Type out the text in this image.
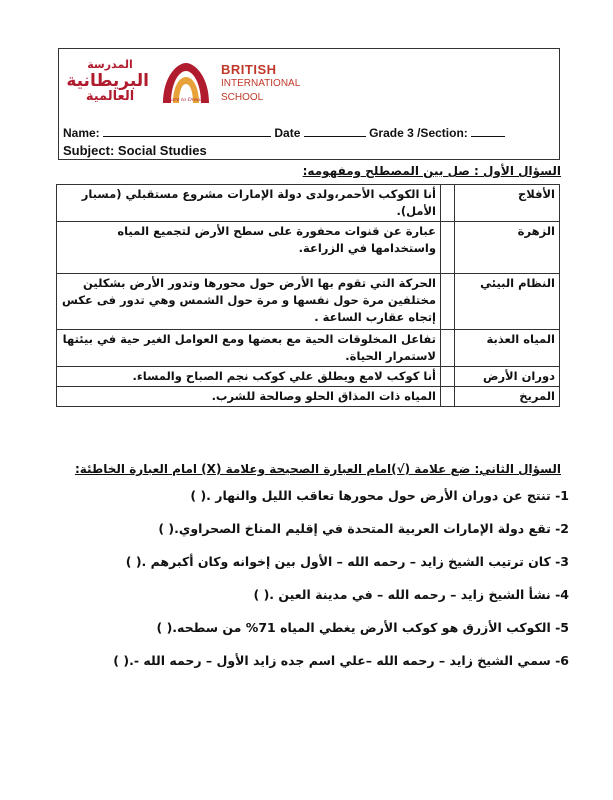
المدرسة
البريطانية
العالمية	Dare to Dream
BRITISH
INTERNATIONAL
SCHOOL
Name:	Date	Grade 3 /Section:
Subject: Social Studies
السؤال الأول : صل بين المصطلح ومفهومه:
الأفلاج		أنا الكوكب الأحمر،ولدى دولة الإمارات مشروع مستقبلي (مسبار الأمل).
الزهرة		عبارة عن قنوات محفورة على سطح الأرض لتجميع المياه واستخدامها في الزراعة.
النظام البيئي		الحركة التي تقوم بها الأرض حول محورها وتدور الأرض بشكلين مختلفين مرة حول نفسها و مرة حول الشمس وهي تدور فى عكس إتجاه عقارب الساعة .
المياه العذبة		تفاعل المخلوقات الحية مع بعضها ومع العوامل الغير حية في بيئتها لاستمرار الحياة.
دوران الأرض		أنا كوكب لامع ويطلق علي كوكب نجم الصباح والمساء.
المريخ		المياه ذات المذاق الحلو وصالحة للشرب.
السؤال الثاني: ضع علامة (√)امام العبارة الصحيحة وعلامة (X) امام العبارة الخاطئة:
1- تنتج عن دوران الأرض حول محورها تعاقب الليل والنهار .( )
2- تقع دولة الإمارات العربية المتحدة في إقليم المناخ الصحراوي.( )
3- كان ترتيب الشيخ زايد – رحمه الله – الأول بين إخوانه وكان أكبرهم .( )
4- نشأ الشيخ زايد – رحمه الله – في مدينة العين .( )
5- الكوكب الأزرق هو كوكب الأرض يغطي المياه 71% من سطحه.( )
6- سمي الشيخ زايد – رحمه الله –علي اسم جده زايد الأول – رحمه الله -.( )
